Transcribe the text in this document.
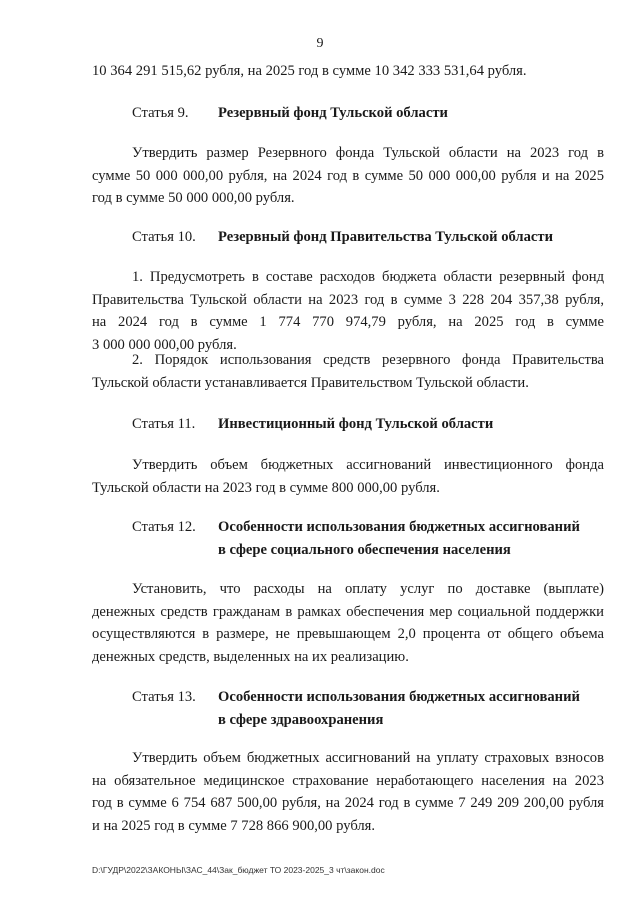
9
10 364 291 515,62 рубля, на 2025 год в сумме 10 342 333 531,64 рубля.
Статья 9. Резервный фонд Тульской области
Утвердить размер Резервного фонда Тульской области на 2023 год в
сумме 50 000 000,00 рубля, на 2024 год в сумме 50 000 000,00 рубля и на 2025
год в сумме 50 000 000,00 рубля.
Статья 10. Резервный фонд Правительства Тульской области
1. Предусмотреть в составе расходов бюджета области резервный фонд
Правительства Тульской области на 2023 год в сумме 3 228 204 357,38 рубля,
на 2024 год в сумме 1 774 770 974,79 рубля, на 2025 год в сумме
3 000 000 000,00 рубля.
2. Порядок использования средств резервного фонда Правительства
Тульской области устанавливается Правительством Тульской области.
Статья 11. Инвестиционный фонд Тульской области
Утвердить объем бюджетных ассигнований инвестиционного фонда
Тульской области на 2023 год в сумме 800 000,00 рубля.
Статья 12. Особенности использования бюджетных ассигнований
в сфере социального обеспечения населения
Установить, что расходы на оплату услуг по доставке (выплате)
денежных средств гражданам в рамках обеспечения мер социальной поддержки
осуществляются в размере, не превышающем 2,0 процента от общего объема
денежных средств, выделенных на их реализацию.
Статья 13. Особенности использования бюджетных ассигнований
в сфере здравоохранения
Утвердить объем бюджетных ассигнований на уплату страховых взносов
на обязательное медицинское страхование неработающего населения на 2023
год в сумме 6 754 687 500,00 рубля, на 2024 год в сумме 7 249 209 200,00 рубля
и на 2025 год в сумме 7 728 866 900,00 рубля.
D:\ГУДР\2022\ЗАКОНЫ\ЗАС_44\Зак_бюджет ТО 2023-2025_3 чт\закон.doc
